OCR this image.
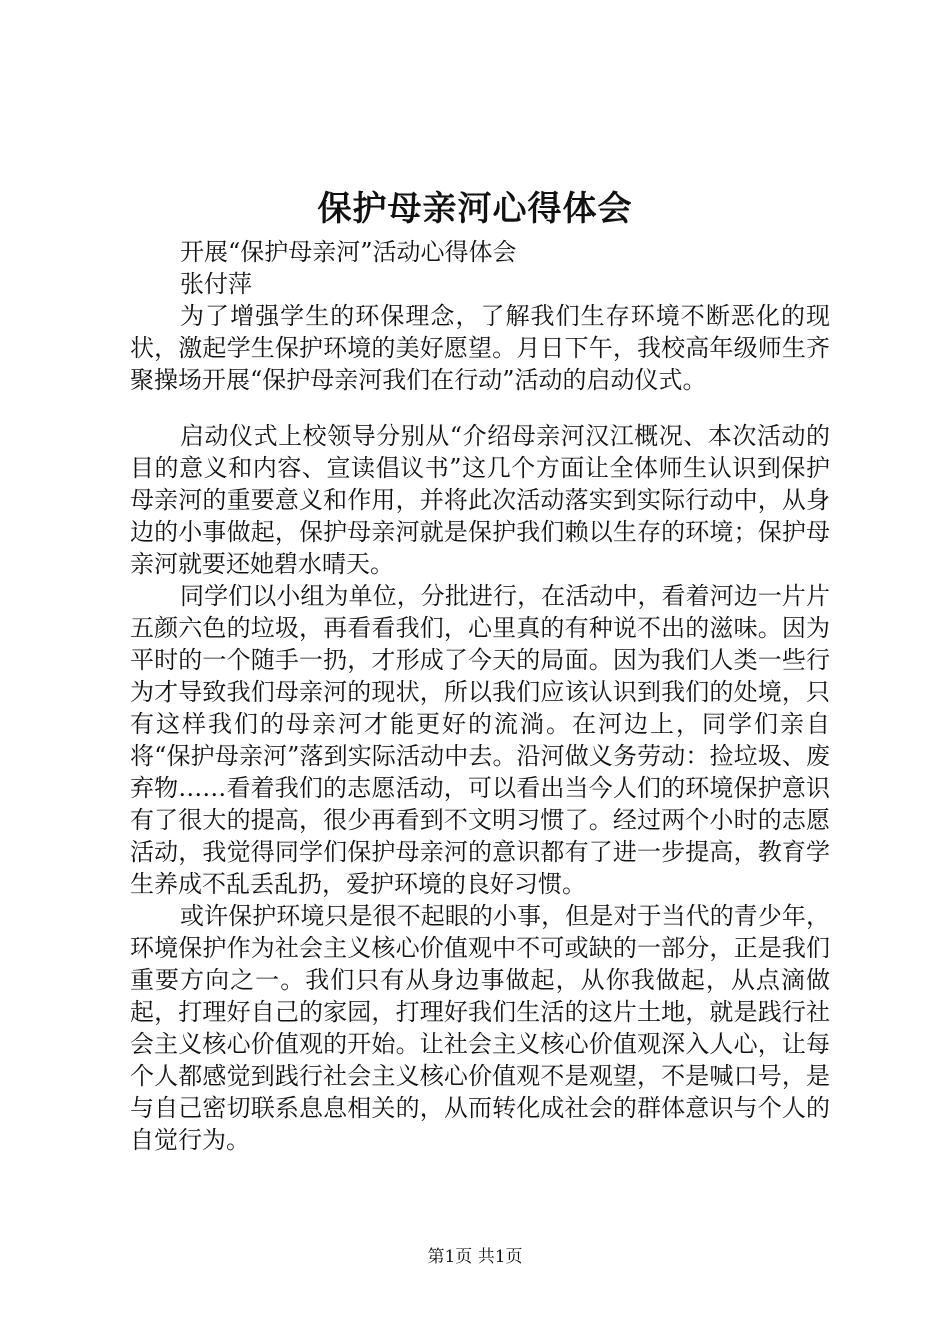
保护母亲河心得体会

开展“保护母亲河”活动心得体会

张付萍

为了增强学生的环保理念，了解我们生存环境不断恶化的现状，激起学生保护环境的美好愿望。月日下午，我校高年级师生齐聚操场开展“保护母亲河我们在行动”活动的启动仪式。

启动仪式上校领导分别从“介绍母亲河汉江概况、本次活动的目的意义和内容、宣读倡议书”这几个方面让全体师生认识到保护母亲河的重要意义和作用，并将此次活动落实到实际行动中，从身边的小事做起，保护母亲河就是保护我们赖以生存的环境；保护母亲河就要还她碧水晴天。

同学们以小组为单位，分批进行，在活动中，看着河边一片片五颜六色的垃圾，再看看我们，心里真的有种说不出的滋味。因为平时的一个随手一扔，才形成了今天的局面。因为我们人类一些行为才导致我们母亲河的现状，所以我们应该认识到我们的处境，只有这样我们的母亲河才能更好的流淌。在河边上，同学们亲自将“保护母亲河”落到实际活动中去。沿河做义务劳动：捡垃圾、废弃物……看着我们的志愿活动，可以看出当今人们的环境保护意识有了很大的提高，很少再看到不文明习惯了。经过两个小时的志愿活动，我觉得同学们保护母亲河的意识都有了进一步提高，教育学生养成不乱丢乱扔，爱护环境的良好习惯。

或许保护环境只是很不起眼的小事，但是对于当代的青少年，环境保护作为社会主义核心价值观中不可或缺的一部分，正是我们重要方向之一。我们只有从身边事做起，从你我做起，从点滴做起，打理好自己的家园，打理好我们生活的这片土地，就是践行社会主义核心价值观的开始。让社会主义核心价值观深入人心，让每个人都感觉到践行社会主义核心价值观不是观望，不是喊口号，是与自己密切联系息息相关的，从而转化成社会的群体意识与个人的自觉行为。

第1页 共1页
